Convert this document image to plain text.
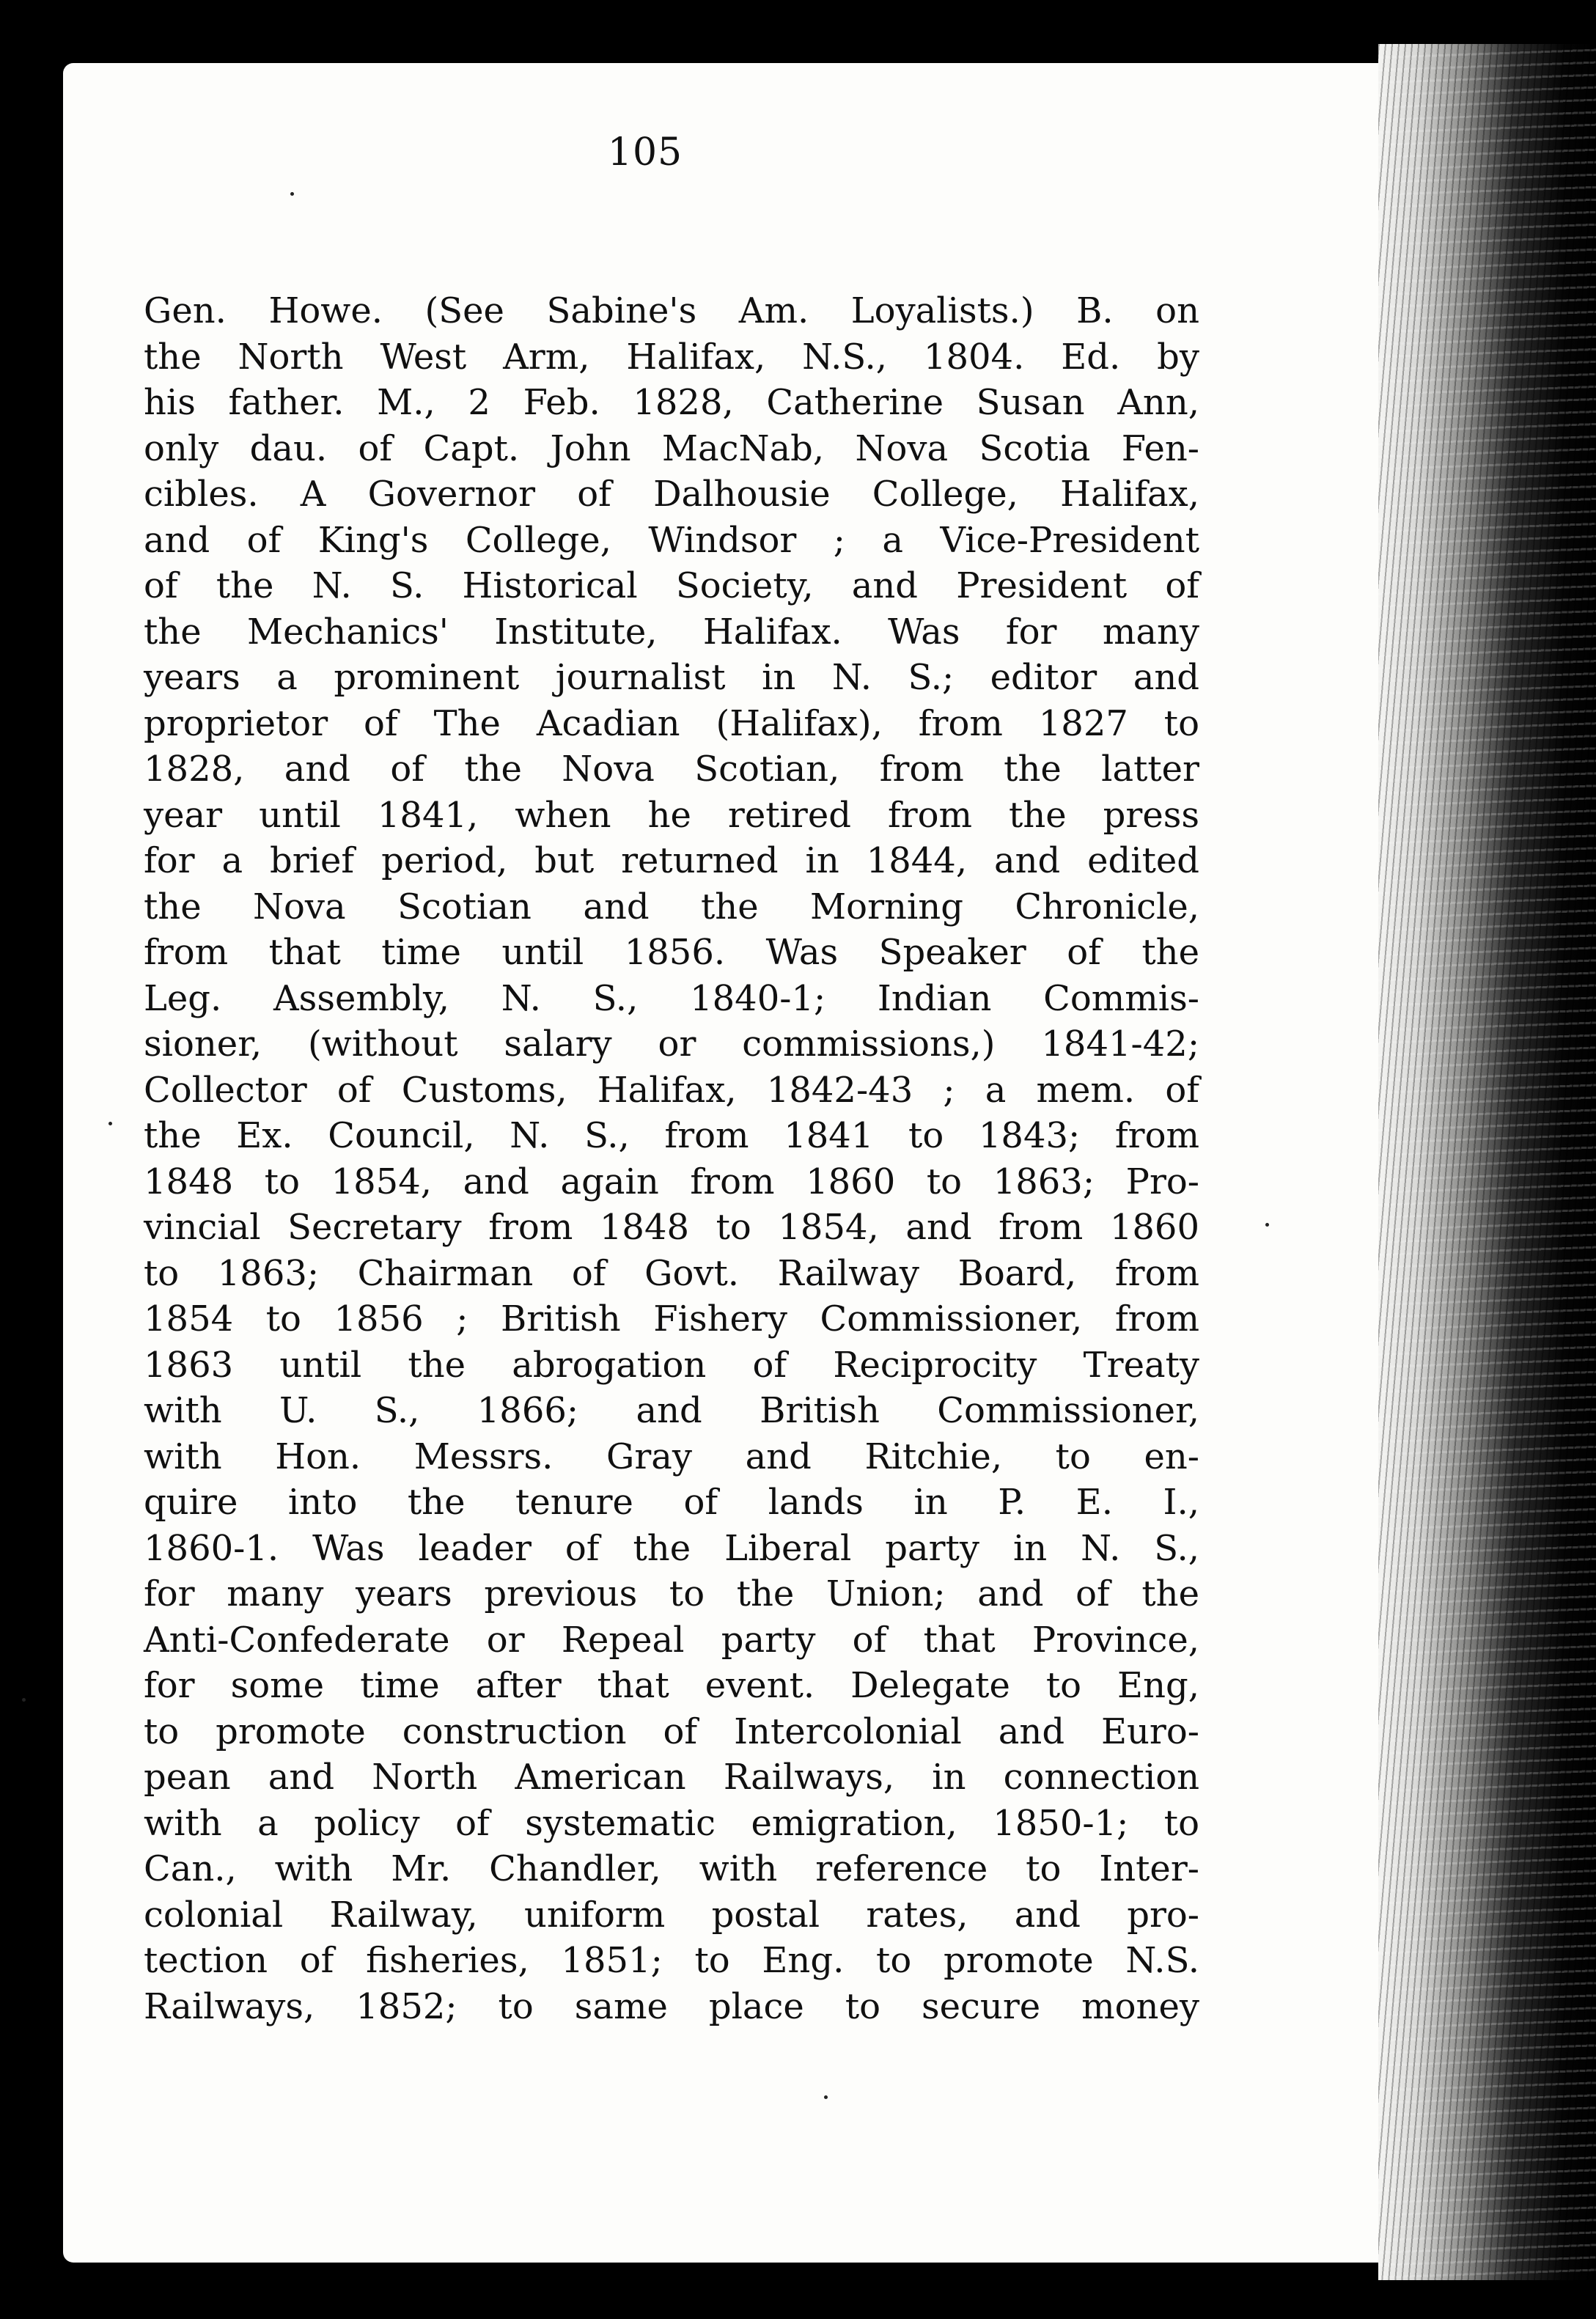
105
Gen. Howe. (See Sabine's Am. Loyalists.) B. on
the North West Arm, Halifax, N.S., 1804. Ed. by
his father. M., 2 Feb. 1828, Catherine Susan Ann,
only dau. of Capt. John MacNab, Nova Scotia Fen-
cibles. A Governor of Dalhousie College, Halifax,
and of King's College, Windsor ; a Vice-President
of the N. S. Historical Society, and President of
the Mechanics' Institute, Halifax. Was for many
years a prominent journalist in N. S.; editor and
proprietor of The Acadian (Halifax), from 1827 to
1828, and of the Nova Scotian, from the latter
year until 1841, when he retired from the press
for a brief period, but returned in 1844, and edited
the Nova Scotian and the Morning Chronicle,
from that time until 1856. Was Speaker of the
Leg. Assembly, N. S., 1840-1; Indian Commis-
sioner, (without salary or commissions,) 1841-42;
Collector of Customs, Halifax, 1842-43 ; a mem. of
the Ex. Council, N. S., from 1841 to 1843; from
1848 to 1854, and again from 1860 to 1863; Pro-
vincial Secretary from 1848 to 1854, and from 1860
to 1863; Chairman of Govt. Railway Board, from
1854 to 1856 ; British Fishery Commissioner, from
1863 until the abrogation of Reciprocity Treaty
with U. S., 1866; and British Commissioner,
with Hon. Messrs. Gray and Ritchie, to en-
quire into the tenure of lands in P. E. I.,
1860-1. Was leader of the Liberal party in N. S.,
for many years previous to the Union; and of the
Anti-Confederate or Repeal party of that Province,
for some time after that event. Delegate to Eng,
to promote construction of Intercolonial and Euro-
pean and North American Railways, in connection
with a policy of systematic emigration, 1850-1; to
Can., with Mr. Chandler, with reference to Inter-
colonial Railway, uniform postal rates, and pro-
tection of fisheries, 1851; to Eng. to promote N.S.
Railways, 1852; to same place to secure money
